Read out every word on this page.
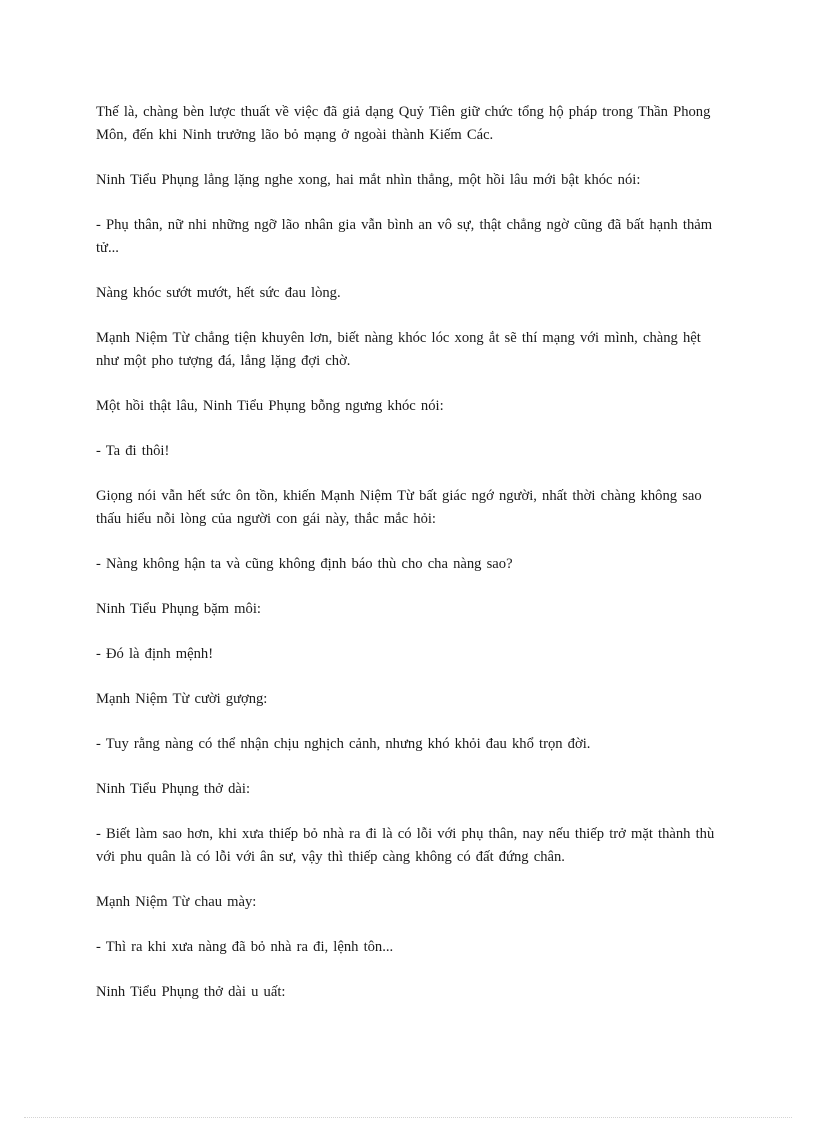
Thế là, chàng bèn lược thuất về việc đã giả dạng Quỷ Tiên giữ chức tổng hộ pháp trong Thần Phong Môn, đến khi Ninh trưởng lão bỏ mạng ở ngoài thành Kiếm Các.

Ninh Tiểu Phụng lẳng lặng nghe xong, hai mắt nhìn thẳng, một hồi lâu mới bật khóc nói:

- Phụ thân, nữ nhi những ngỡ lão nhân gia vẫn bình an vô sự, thật chẳng ngờ cũng đã bất hạnh thảm tử...

Nàng khóc sướt mướt, hết sức đau lòng.

Mạnh Niệm Từ chẳng tiện khuyên lơn, biết nàng khóc lóc xong ắt sẽ thí mạng với mình, chàng hệt như một pho tượng đá, lẳng lặng đợi chờ.

Một hồi thật lâu, Ninh Tiểu Phụng bỗng ngưng khóc nói:

- Ta đi thôi!

Giọng nói vẫn hết sức ôn tồn, khiến Mạnh Niệm Từ bất giác ngớ người, nhất thời chàng không sao thấu hiểu nỗi lòng của người con gái này, thắc mắc hỏi:

- Nàng không hận ta và cũng không định báo thù cho cha nàng sao?

Ninh Tiểu Phụng bặm môi:

- Đó là định mệnh!

Mạnh Niệm Từ cười gượng:

- Tuy rằng nàng có thể nhận chịu nghịch cảnh, nhưng khó khỏi đau khổ trọn đời.

Ninh Tiểu Phụng thở dài:

- Biết làm sao hơn, khi xưa thiếp bỏ nhà ra đi là có lỗi với phụ thân, nay nếu thiếp trở mặt thành thù với phu quân là có lỗi với ân sư, vậy thì thiếp càng không có đất đứng chân.

Mạnh Niệm Từ chau mày:

- Thì ra khi xưa nàng đã bỏ nhà ra đi, lệnh tôn...

Ninh Tiểu Phụng thở dài u uất:
